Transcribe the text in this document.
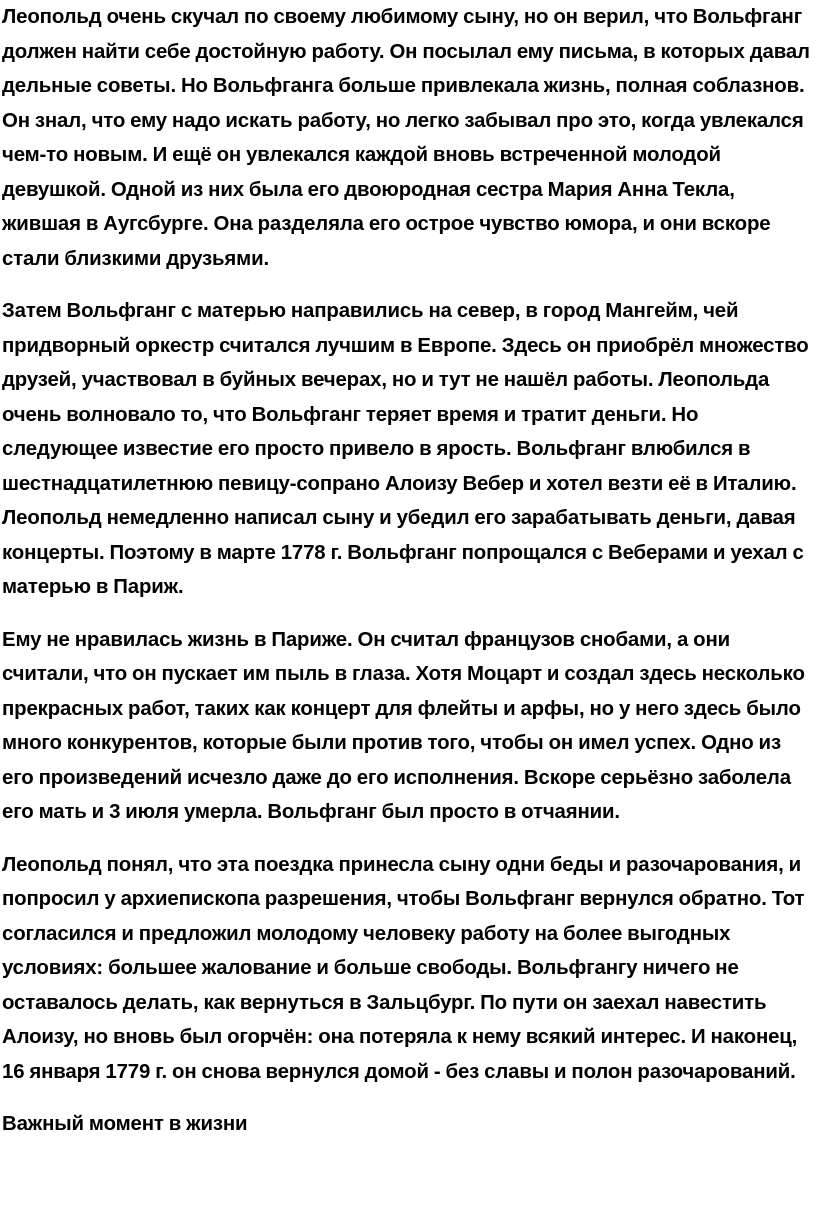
Леопольд очень скучал по своему любимому сыну, но он верил, что Вольфганг должен найти себе достойную работу. Он посылал ему письма, в которых давал дельные советы. Но Вольфганга больше привлекала жизнь, полная соблазнов. Он знал, что ему надо искать работу, но легко забывал про это, когда увлекался чем-то новым. И ещё он увлекался каждой вновь встреченной молодой девушкой. Одной из них была его двоюродная сестра Мария Анна Текла, жившая в Аугсбурге. Она разделяла его острое чувство юмора, и они вскоре стали близкими друзьями.

Затем Вольфганг с матерью направились на север, в город Мангейм, чей придворный оркестр считался лучшим в Европе. Здесь он приобрёл множество друзей, участвовал в буйных вечерах, но и тут не нашёл работы. Леопольда очень волновало то, что Вольфганг теряет время и тратит деньги. Но следующее известие его просто привело в ярость. Вольфганг влюбился в шестнадцатилетнюю певицу-сопрано Алоизу Вебер и хотел везти её в Италию. Леопольд немедленно написал сыну и убедил его зарабатывать деньги, давая концерты. Поэтому в марте 1778 г. Вольфганг попрощался с Веберами и уехал с матерью в Париж.

Ему не нравилась жизнь в Париже. Он считал французов снобами, а они считали, что он пускает им пыль в глаза. Хотя Моцарт и создал здесь несколько прекрасных работ, таких как концерт для флейты и арфы, но у него здесь было много конкурентов, которые были против того, чтобы он имел успех. Одно из его произведений исчезло даже до его исполнения. Вскоре серьёзно заболела его мать и 3 июля умерла. Вольфганг был просто в отчаянии.

Леопольд понял, что эта поездка принесла сыну одни беды и разочарования, и попросил у архиепископа разрешения, чтобы Вольфганг вернулся обратно. Тот согласился и предложил молодому человеку работу на более выгодных условиях: большее жалование и больше свободы. Вольфгангу ничего не оставалось делать, как вернуться в Зальцбург. По пути он заехал навестить Алоизу, но вновь был огорчён: она потеряла к нему всякий интерес. И наконец, 16 января 1779 г. он снова вернулся домой - без славы и полон разочарований.

Важный момент в жизни
